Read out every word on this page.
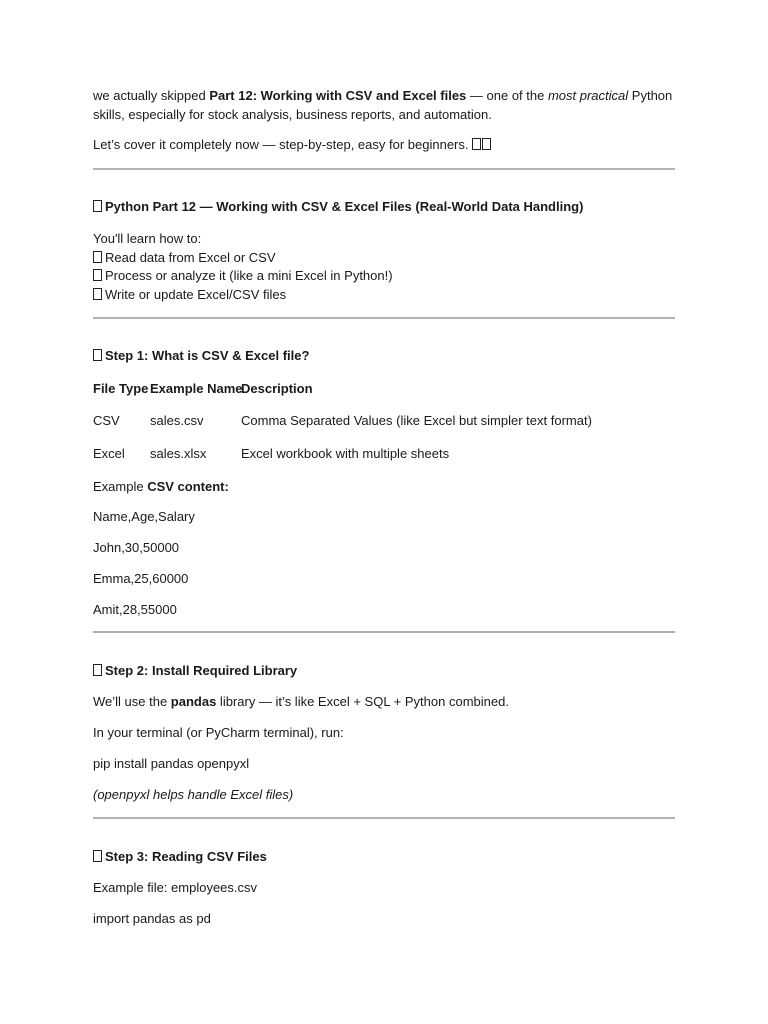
we actually skipped Part 12: Working with CSV and Excel files — one of the most practical Python
skills, especially for stock analysis, business reports, and automation.
Let’s cover it completely now — step-by-step, easy for beginners.
Python Part 12 — Working with CSV & Excel Files (Real-World Data Handling)
You'll learn how to:
Read data from Excel or CSV
Process or analyze it (like a mini Excel in Python!)
Write or update Excel/CSV files
Step 1: What is CSV & Excel file?
File Type Example Name
Description
CSV sales.csv	Comma Separated Values (like Excel but simpler text format)
Excel sales.xlsx	Excel workbook with multiple sheets
Example CSV content:
Name,Age,Salary
John,30,50000
Emma,25,60000
Amit,28,55000
Step 2: Install Required Library
We’ll use the pandas library — it’s like Excel + SQL + Python combined.
In your terminal (or PyCharm terminal), run:
pip install pandas openpyxl
(openpyxl helps handle Excel files)
Step 3: Reading CSV Files
Example file: employees.csv
import pandas as pd
